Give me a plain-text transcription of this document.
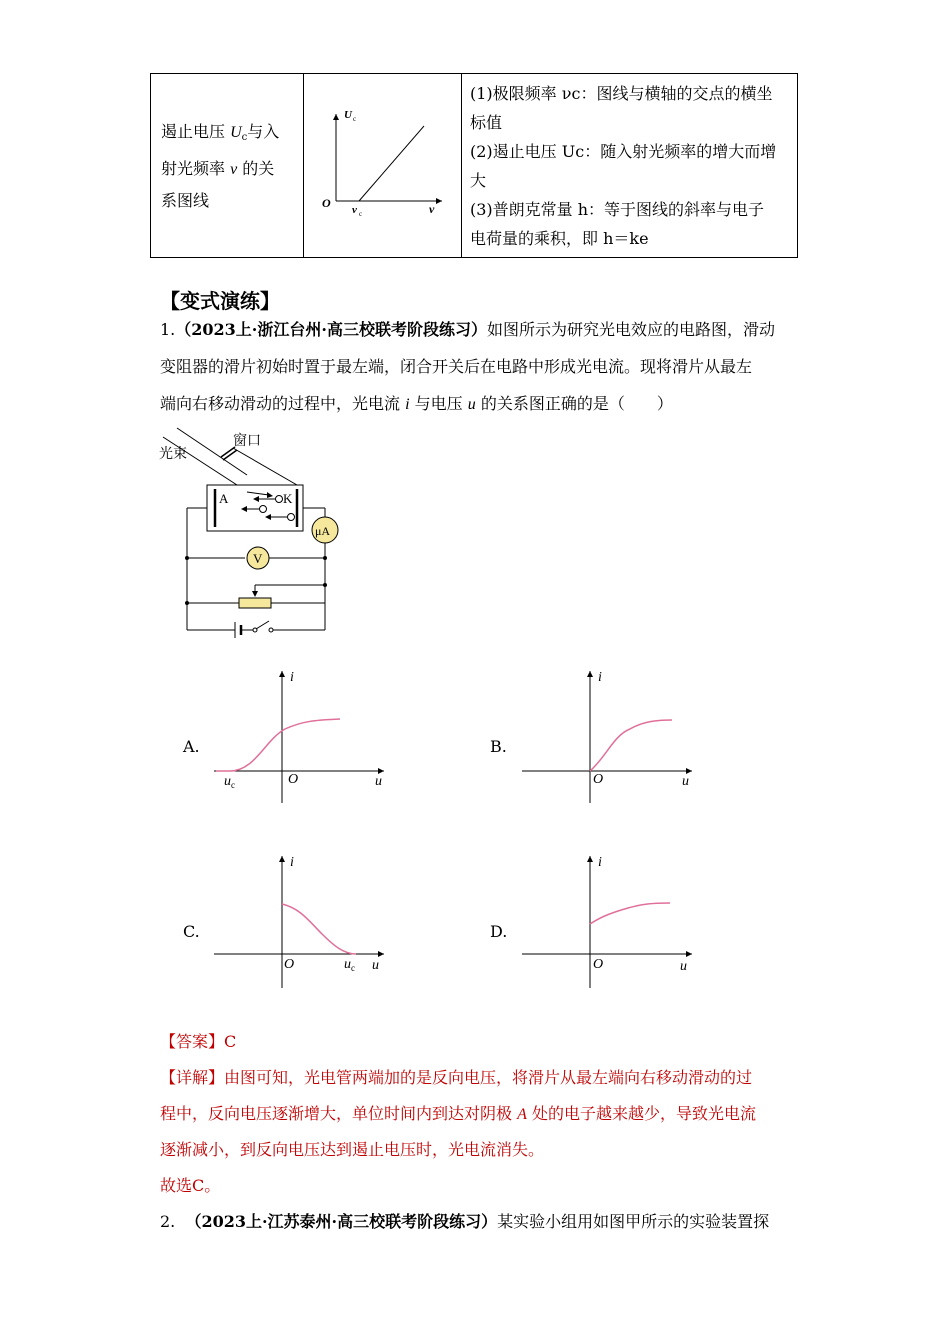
遏止电压 $U_c$与入
射光频率 ν 的关
系图线

U c
O ν c	ν

(1)极限频率 νc：图线与横轴的交点的横坐标值
(2)遏止电压 Uc：随入射光频率的增大而增大
(3)普朗克常量 h：等于图线的斜率与电子电荷量的乘积，即 h＝ke
【变式演练】
1.（2023上·浙江台州·高三校联考阶段练习）如图所示为研究光电效应的电路图，滑动
变阻器的滑片初始时置于最左端，闭合开关后在电路中形成光电流。现将滑片从最左
端向右移动滑动的过程中，光电流 i 与电压 u 的关系图正确的是（　　）
光束
窗口
A	K
μA
V
A.
i
O	u
u c
B.
i
O	u
C.
i
O	u
u c
D.
i
O	u
【答案】C
【详解】由图可知，光电管两端加的是反向电压，将滑片从最左端向右移动滑动的过
程中，反向电压逐渐增大，单位时间内到达对阴极 A 处的电子越来越少，导致光电流
逐渐减小，到反向电压达到遏止电压时，光电流消失。
故选C。
2. （2023上·江苏泰州·高三校联考阶段练习）某实验小组用如图甲所示的实验装置探
